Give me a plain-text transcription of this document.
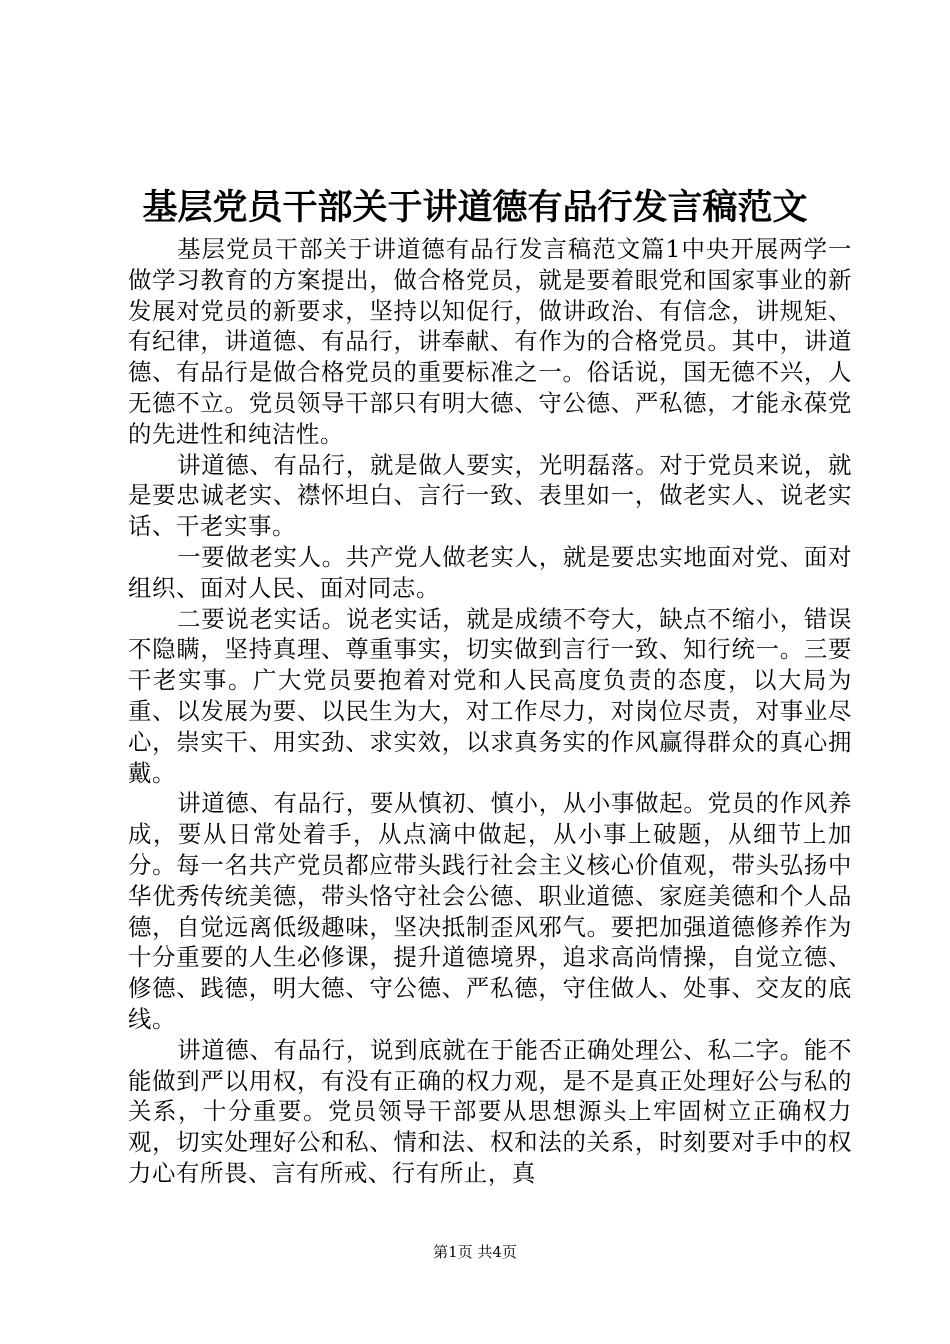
基层党员干部关于讲道德有品行发言稿范文

基层党员干部关于讲道德有品行发言稿范文篇1中央开展两学一做学习教育的方案提出，做合格党员，就是要着眼党和国家事业的新发展对党员的新要求，坚持以知促行，做讲政治、有信念，讲规矩、有纪律，讲道德、有品行，讲奉献、有作为的合格党员。其中，讲道德、有品行是做合格党员的重要标准之一。俗话说，国无德不兴，人无德不立。党员领导干部只有明大德、守公德、严私德，才能永葆党的先进性和纯洁性。

讲道德、有品行，就是做人要实，光明磊落。对于党员来说，就是要忠诚老实、襟怀坦白、言行一致、表里如一，做老实人、说老实话、干老实事。

一要做老实人。共产党人做老实人，就是要忠实地面对党、面对组织、面对人民、面对同志。

二要说老实话。说老实话，就是成绩不夸大，缺点不缩小，错误不隐瞒，坚持真理、尊重事实，切实做到言行一致、知行统一。三要干老实事。广大党员要抱着对党和人民高度负责的态度，以大局为重、以发展为要、以民生为大，对工作尽力，对岗位尽责，对事业尽心，崇实干、用实劲、求实效，以求真务实的作风赢得群众的真心拥戴。

讲道德、有品行，要从慎初、慎小，从小事做起。党员的作风养成，要从日常处着手，从点滴中做起，从小事上破题，从细节上加分。每一名共产党员都应带头践行社会主义核心价值观，带头弘扬中华优秀传统美德，带头恪守社会公德、职业道德、家庭美德和个人品德，自觉远离低级趣味，坚决抵制歪风邪气。要把加强道德修养作为十分重要的人生必修课，提升道德境界，追求高尚情操，自觉立德、修德、践德，明大德、守公德、严私德，守住做人、处事、交友的底线。

讲道德、有品行，说到底就在于能否正确处理公、私二字。能不能做到严以用权，有没有正确的权力观，是不是真正处理好公与私的关系，十分重要。党员领导干部要从思想源头上牢固树立正确权力观，切实处理好公和私、情和法、权和法的关系，时刻要对手中的权力心有所畏、言有所戒、行有所止，真

第1页 共4页
